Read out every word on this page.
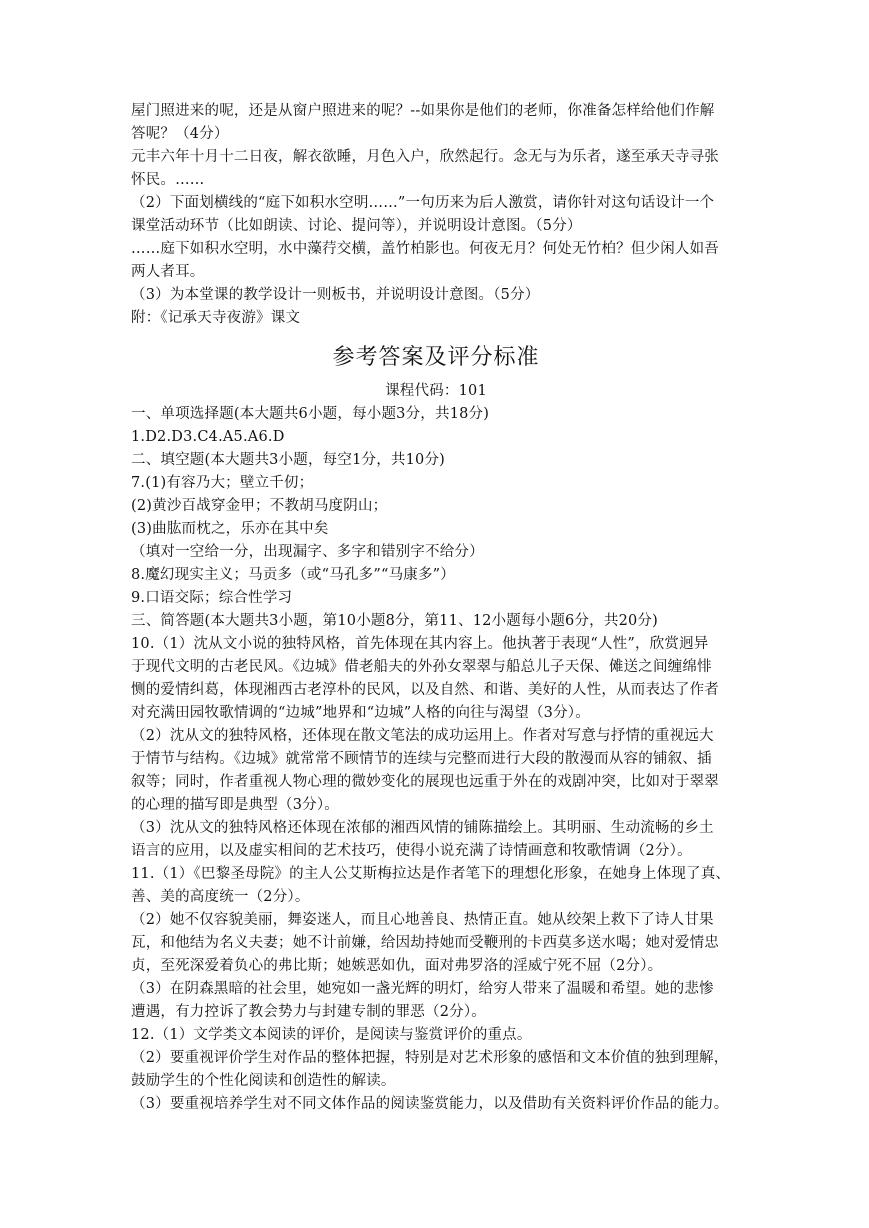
屋门照进来的呢，还是从窗户照进来的呢？--如果你是他们的老师，你准备怎样给他们作解
答呢？（4分）
元丰六年十月十二日夜，解衣欲睡，月色入户，欣然起行。念无与为乐者，遂至承天寺寻张
怀民。……
（2）下面划横线的“庭下如积水空明……”一句历来为后人激赏，请你针对这句话设计一个
课堂活动环节（比如朗读、讨论、提问等），并说明设计意图。（5分）
……庭下如积水空明，水中藻荇交横，盖竹柏影也。何夜无月？何处无竹柏？但少闲人如吾
两人者耳。
（3）为本堂课的教学设计一则板书，并说明设计意图。（5分）
附：《记承天寺夜游》课文
参考答案及评分标准
课程代码：101
一、单项选择题(本大题共6小题，每小题3分，共18分)
1.D2.D3.C4.A5.A6.D
二、填空题(本大题共3小题，每空1分，共10分)
7.(1)有容乃大；壁立千仞；
(2)黄沙百战穿金甲；不教胡马度阴山；
(3)曲肱而枕之，乐亦在其中矣
（填对一空给一分，出现漏字、多字和错别字不给分）
8.魔幻现实主义；马贡多（或“马孔多”“马康多”）
9.口语交际；综合性学习
三、简答题(本大题共3小题，第10小题8分，第11、12小题每小题6分，共20分)
10.（1）沈从文小说的独特风格，首先体现在其内容上。他执著于表现“人性”，欣赏迥异
于现代文明的古老民风。《边城》借老船夫的外孙女翠翠与船总儿子天保、傩送之间缠绵悱
恻的爱情纠葛，体现湘西古老淳朴的民风，以及自然、和谐、美好的人性，从而表达了作者
对充满田园牧歌情调的“边城”地界和“边城”人格的向往与渴望（3分）。
（2）沈从文的独特风格，还体现在散文笔法的成功运用上。作者对写意与抒情的重视远大
于情节与结构。《边城》就常常不顾情节的连续与完整而进行大段的散漫而从容的铺叙、插
叙等；同时，作者重视人物心理的微妙变化的展现也远重于外在的戏剧冲突，比如对于翠翠
的心理的描写即是典型（3分）。
（3）沈从文的独特风格还体现在浓郁的湘西风情的铺陈描绘上。其明丽、生动流畅的乡土
语言的应用，以及虚实相间的艺术技巧，使得小说充满了诗情画意和牧歌情调（2分）。
11.（1）《巴黎圣母院》的主人公艾斯梅拉达是作者笔下的理想化形象，在她身上体现了真、
善、美的高度统一（2分）。
（2）她不仅容貌美丽，舞姿迷人，而且心地善良、热情正直。她从绞架上救下了诗人甘果
瓦，和他结为名义夫妻；她不计前嫌，给因劫持她而受鞭刑的卡西莫多送水喝；她对爱情忠
贞，至死深爱着负心的弗比斯；她嫉恶如仇，面对弗罗洛的淫威宁死不屈（2分）。
（3）在阴森黑暗的社会里，她宛如一盏光辉的明灯，给穷人带来了温暖和希望。她的悲惨
遭遇，有力控诉了教会势力与封建专制的罪恶（2分）。
12.（1）文学类文本阅读的评价，是阅读与鉴赏评价的重点。
（2）要重视评价学生对作品的整体把握，特别是对艺术形象的感悟和文本价值的独到理解，
鼓励学生的个性化阅读和创造性的解读。
（3）要重视培养学生对不同文体作品的阅读鉴赏能力，以及借助有关资料评价作品的能力。
